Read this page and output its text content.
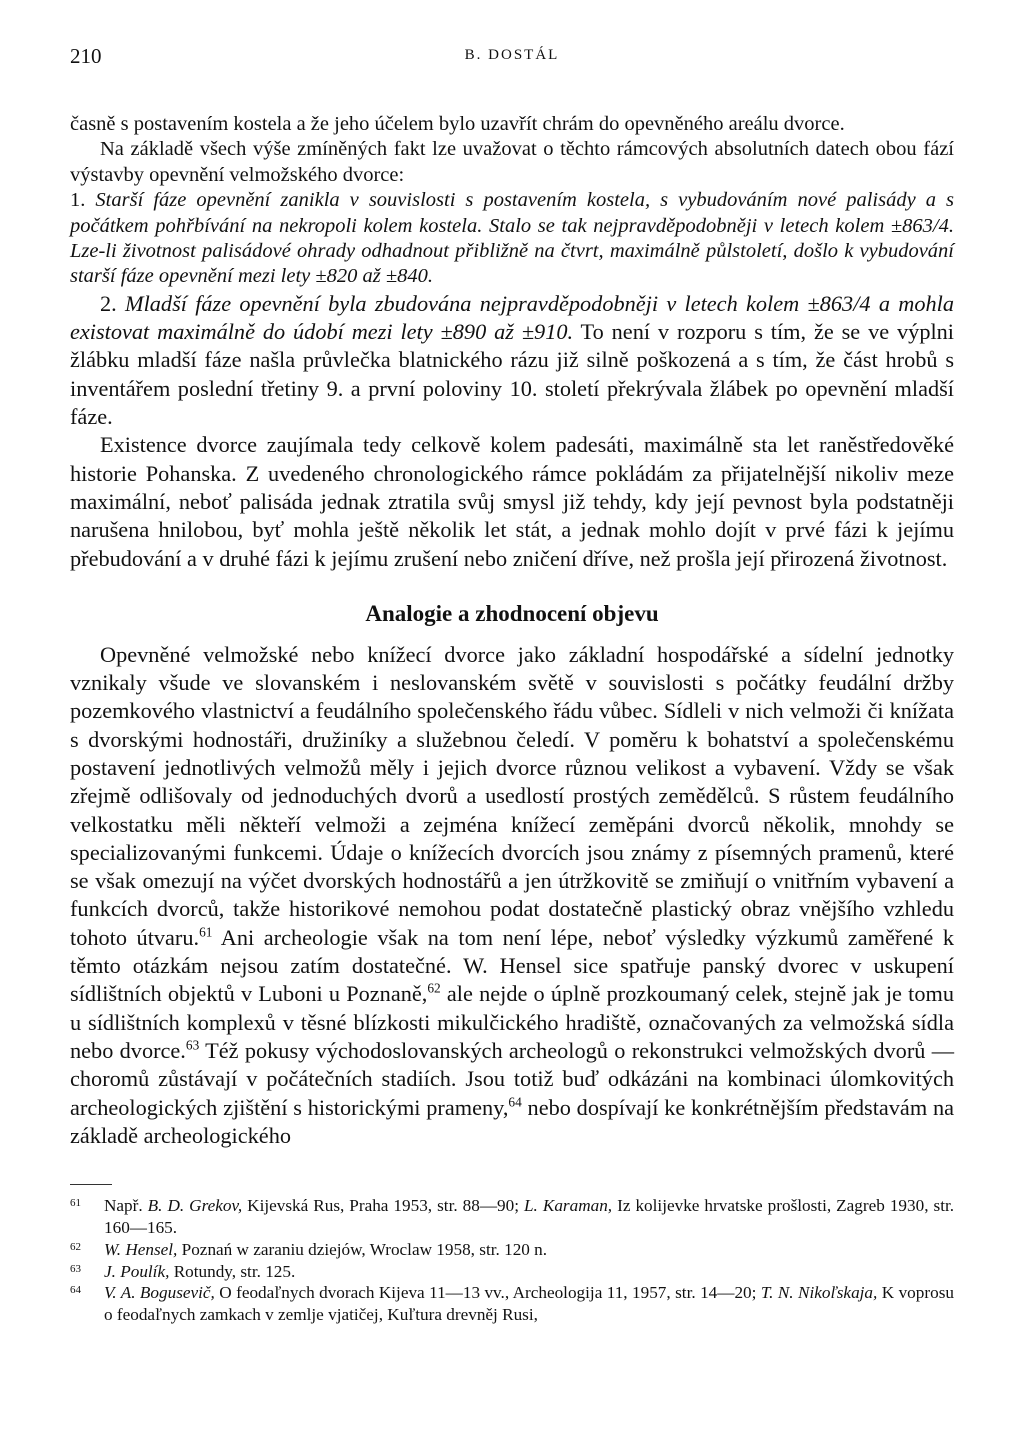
210	B. DOSTÁL

časně s postavením kostela a že jeho účelem bylo uzavřít chrám do opevněného areálu dvorce.

Na základě všech výše zmíněných fakt lze uvažovat o těchto rámcových absolutních datech obou fází výstavby opevnění velmožského dvorce:

1. Starší fáze opevnění zanikla v souvislosti s postavením kostela, s vybudováním nové palisády a s počátkem pohřbívání na nekropoli kolem kostela. Stalo se tak nejpravděpodobněji v letech kolem ±863/4. Lze-li životnost palisádové ohrady odhadnout přibližně na čtvrt, maximálně půlstoletí, došlo k vybudování starší fáze opevnění mezi lety ±820 až ±840.

2. Mladší fáze opevnění byla zbudována nejpravděpodobněji v letech kolem ±863/4 a mohla existovat maximálně do údobí mezi lety ±890 až ±910. To není v rozporu s tím, že se ve výplni žlábku mladší fáze našla průvlečka blatnického rázu již silně poškozená a s tím, že část hrobů s inventářem poslední třetiny 9. a první poloviny 10. století překrývala žlábek po opevnění mladší fáze.

Existence dvorce zaujímala tedy celkově kolem padesáti, maximálně sta let raněstředověké historie Pohanska. Z uvedeného chronologického rámce pokládám za přijatelnější nikoliv meze maximální, neboť palisáda jednak ztratila svůj smysl již tehdy, kdy její pevnost byla podstatněji narušena hnilobou, byť mohla ještě několik let stát, a jednak mohlo dojít v prvé fázi k jejímu přebudování a v druhé fázi k jejímu zrušení nebo zničení dříve, než prošla její přirozená životnost.

Analogie a zhodnocení objevu

Opevněné velmožské nebo knížecí dvorce jako základní hospodářské a sídelní jednotky vznikaly všude ve slovanském i neslovanském světě v souvislosti s počátky feudální držby pozemkového vlastnictví a feudálního společenského řádu vůbec. Sídleli v nich velmoži či knížata s dvorskými hodnostáři, družiníky a služebnou čeledí. V poměru k bohatství a společenskému postavení jednotlivých velmožů měly i jejich dvorce různou velikost a vybavení. Vždy se však zřejmě odlišovaly od jednoduchých dvorů a usedlostí prostých zemědělců. S růstem feudálního velkostatku měli někteří velmoži a zejména knížecí zeměpáni dvorců několik, mnohdy se specializovanými funkcemi. Údaje o knížecích dvorcích jsou známy z písemných pramenů, které se však omezují na výčet dvorských hodnostářů a jen útržkovitě se zmiňují o vnitřním vybavení a funkcích dvorců, takže historikové nemohou podat dostatečně plastický obraz vnějšího vzhledu tohoto útvaru.$^{61}$ Ani archeologie však na tom není lépe, neboť výsledky výzkumů zaměřené k těmto otázkám nejsou zatím dostatečné. W. Hensel sice spatřuje panský dvorec v uskupení sídlištních objektů v Luboni u Poznaně,$^{62}$ ale nejde o úplně prozkoumaný celek, stejně jak je tomu u sídlištních komplexů v těsné blízkosti mikulčického hradiště, označovaných za velmožská sídla nebo dvorce.$^{63}$ Též pokusy východoslovanských archeologů o rekonstrukci velmožských dvorů — choromů zůstávají v počátečních stadiích. Jsou totiž buď odkázáni na kombinaci úlomkovitých archeologických zjištění s historickými prameny,$^{64}$ nebo dospívají ke konkrétnějším představám na základě archeologického

61 Např. B. D. Grekov, Kijevská Rus, Praha 1953, str. 88—90; L. Karaman, Iz kolijevke hrvatske prošlosti, Zagreb 1930, str. 160—165.
62 W. Hensel, Poznań w zaraniu dziejów, Wroclaw 1958, str. 120 n.
63 J. Poulík, Rotundy, str. 125.
64 V. A. Bogusevič, O feodaľnych dvorach Kijeva 11—13 vv., Archeologija 11, 1957, str. 14—20; T. N. Nikoľskaja, K voprosu o feodaľnych zamkach v zemlje vjatičej, Kuľtura drevněj Rusi,
